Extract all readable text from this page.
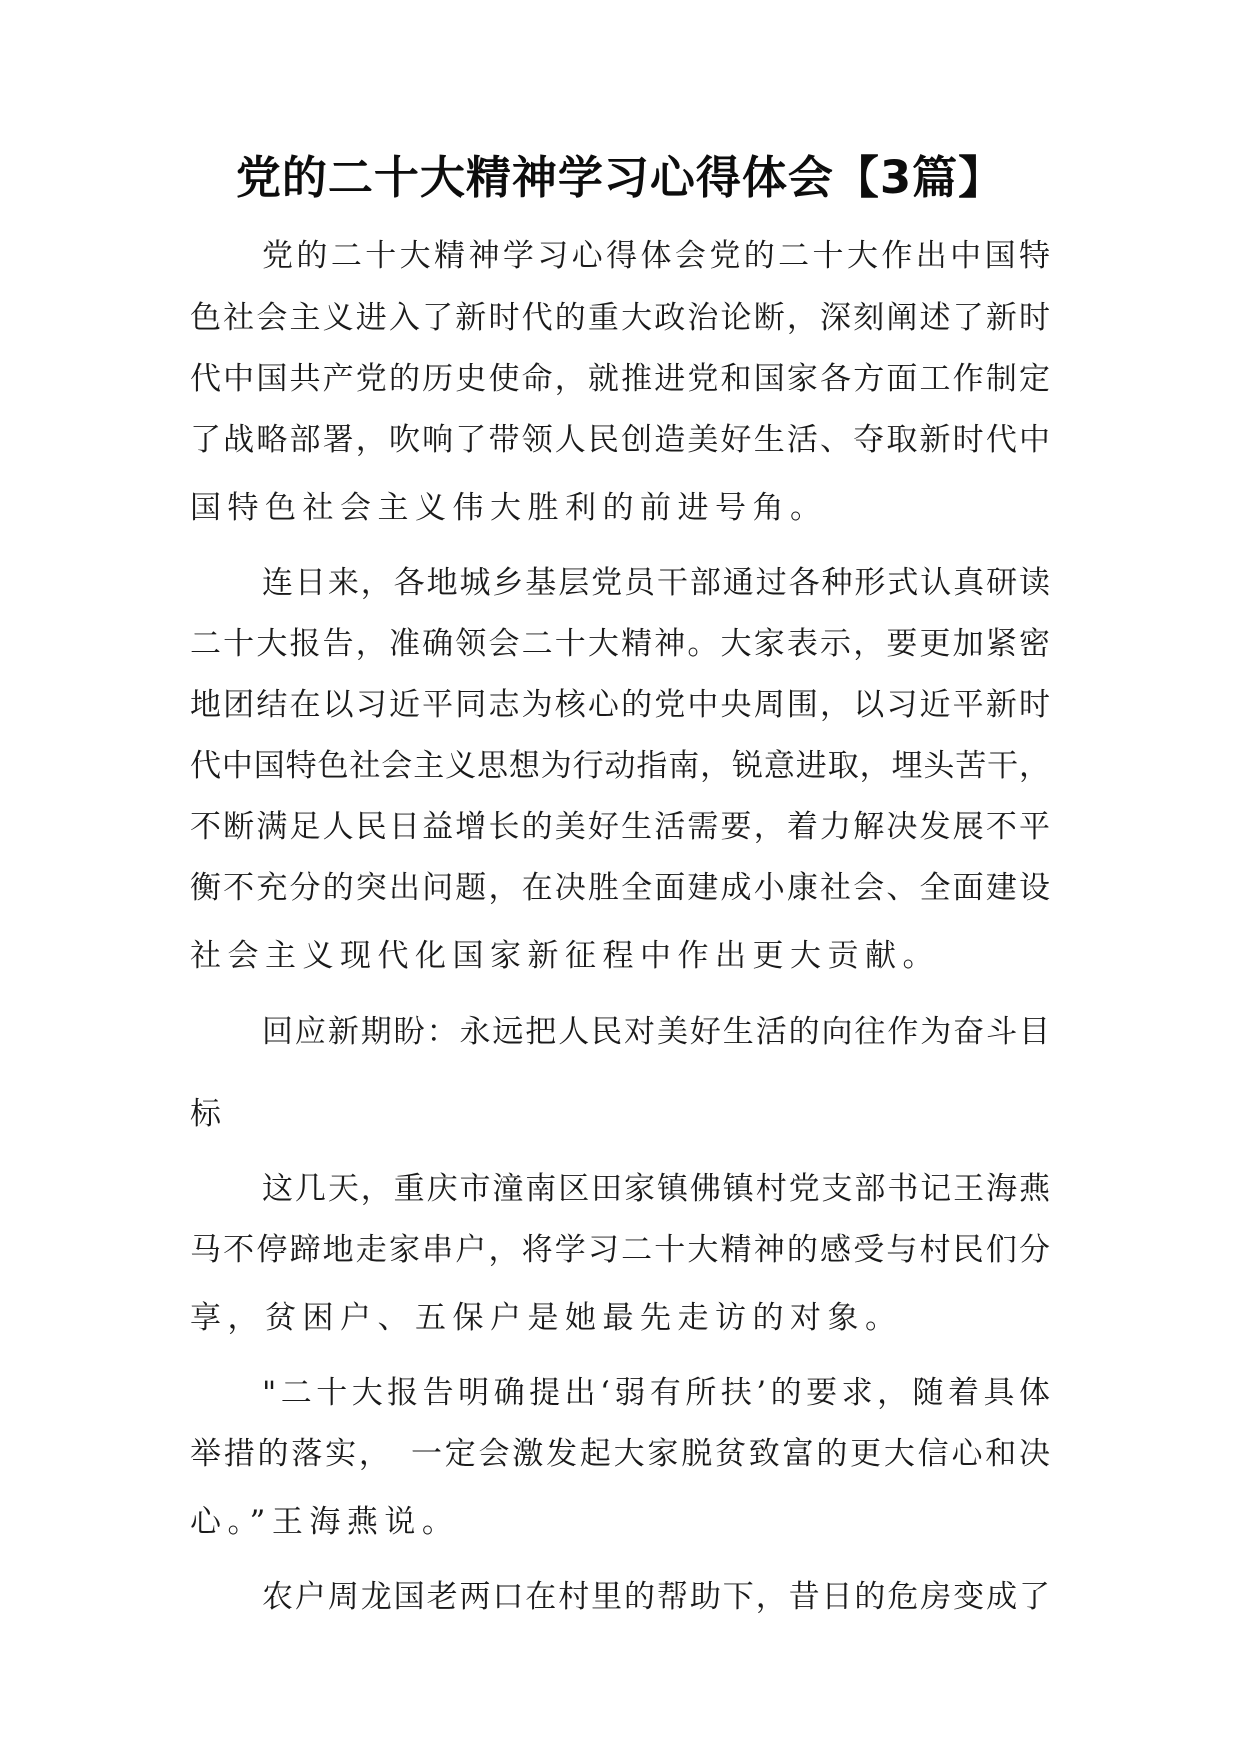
党的二十大精神学习心得体会【3篇】
党的二十大精神学习心得体会党的二十大作出中国特
色社会主义进入了新时代的重大政治论断，深刻阐述了新时
代中国共产党的历史使命，就推进党和国家各方面工作制定
了战略部署，吹响了带领人民创造美好生活、夺取新时代中
国特色社会主义伟大胜利的前进号角。
连日来，各地城乡基层党员干部通过各种形式认真研读
二十大报告，准确领会二十大精神。大家表示，要更加紧密
地团结在以习近平同志为核心的党中央周围，以习近平新时
代中国特色社会主义思想为行动指南，锐意进取，埋头苦干，
不断满足人民日益增长的美好生活需要，着力解决发展不平
衡不充分的突出问题，在决胜全面建成小康社会、全面建设
社会主义现代化国家新征程中作出更大贡献。
回应新期盼：永远把人民对美好生活的向往作为奋斗目
标
这几天，重庆市潼南区田家镇佛镇村党支部书记王海燕
马不停蹄地走家串户，将学习二十大精神的感受与村民们分
享，贫困户、五保户是她最先走访的对象。
"二十大报告明确提出‘弱有所扶’的要求，随着具体
举措的落实，　一定会激发起大家脱贫致富的更大信心和决
心。”王海燕说。
农户周龙国老两口在村里的帮助下，昔日的危房变成了
